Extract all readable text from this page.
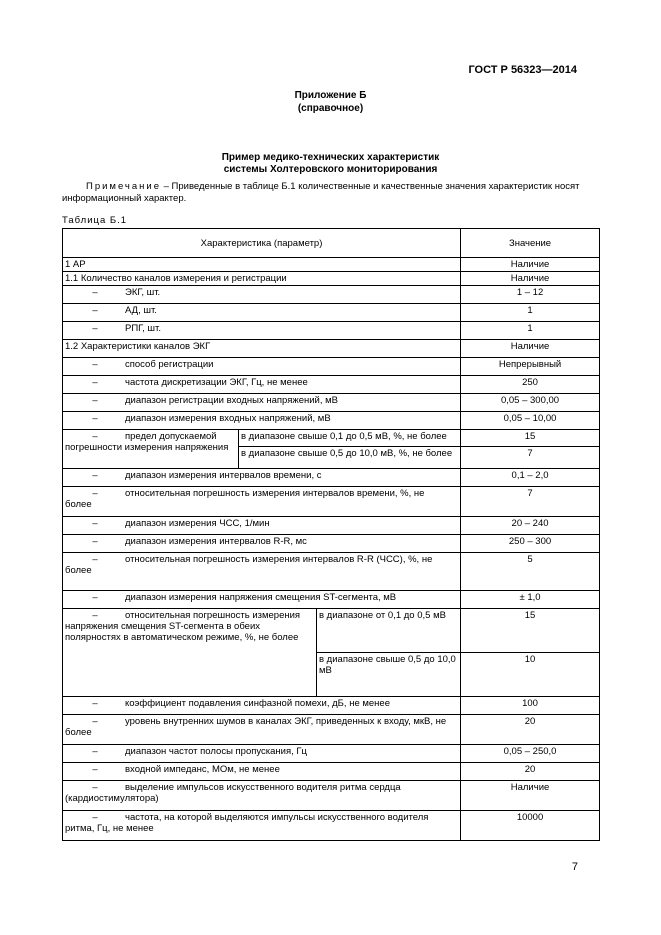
ГОСТ Р 56323—2014
Приложение Б
(справочное)
Пример медико-технических характеристик
системы Холтеровского мониторирования
Примечание – Приведенные в таблице Б.1 количественные и качественные значения характеристик носят информационный характер.
Таблица Б.1
Характеристика (параметр)			Значение
1 АР			Наличие
1.1 Количество каналов измерения и регистрации			Наличие
– ЭКГ, шт.			1 – 12
– АД, шт.			1
– РПГ, шт.			1
1.2 Характеристики каналов ЭКГ			Наличие
– способ регистрации			Непрерывный
– частота дискретизации ЭКГ, Гц, не менее			250
– диапазон регистрации входных напряжений, мВ			0,05 – 300,00
– диапазон измерения входных напряжений, мВ			0,05 – 10,00
– предел допускаемой
погрешности измерения напряжения	в диапазоне свыше 0,1 до 0,5 мВ, %, не более		15
	в диапазоне свыше 0,5 до 10,0 мВ, %, не более		7
– диапазон измерения интервалов времени, с			0,1 – 2,0
– относительная погрешность измерения интервалов времени, %, не
более			7
– диапазон измерения ЧСС, 1/мин			20 – 240
– диапазон измерения интервалов R-R, мс			250 – 300
– относительная погрешность измерения интервалов R-R (ЧСС), %, не
более			5
– диапазон измерения напряжения смещения ST-сегмента, мВ			± 1,0
– относительная погрешность измерения
напряжения смещения ST-сегмента в обеих полярностях в автоматическом режиме, %, не более		в диапазоне от 0,1 до 0,5 мВ	15
		в диапазоне свыше 0,5 до 10,0 мВ	10
– коэффициент подавления синфазной помехи, дБ, не менее			100
– уровень внутренних шумов в каналах ЭКГ, приведенных к входу, мкВ, не
более			20
– диапазон частот полосы пропускания, Гц			0,05 – 250,0
– входной импеданс, МОм, не менее			20
– выделение импульсов искусственного водителя ритма сердца
(кардиостимулятора)			Наличие
– частота, на которой выделяются импульсы искусственного водителя
ритма, Гц, не менее			10000
7
